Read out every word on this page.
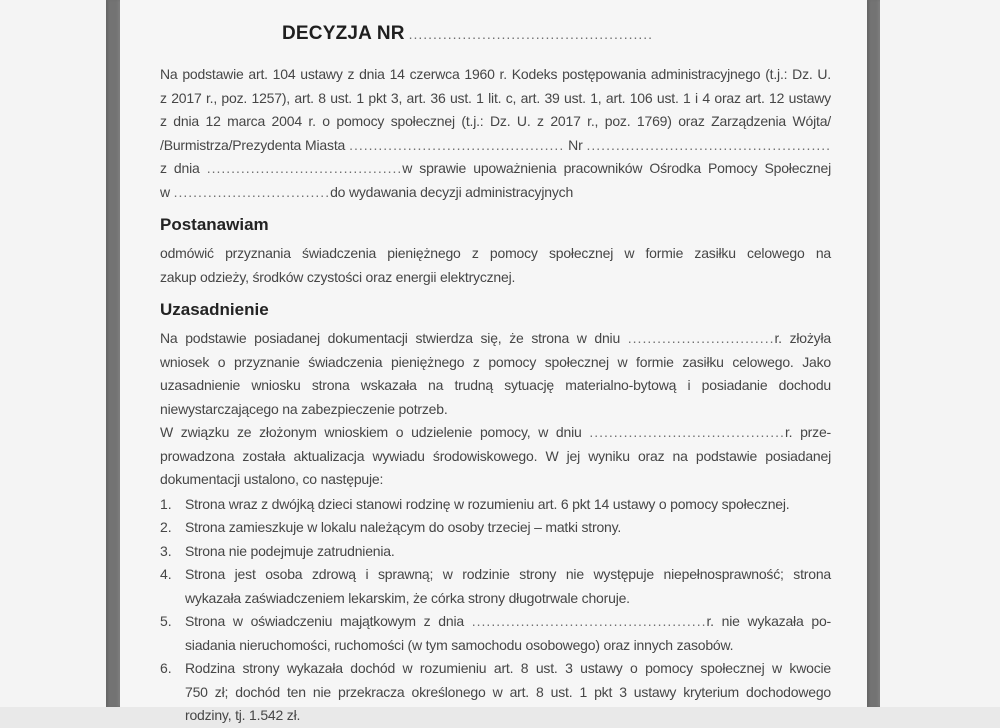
DECYZJA NR ..................................................
Na podstawie art. 104 ustawy z dnia 14 czerwca 1960 r. Kodeks postępowania administracyjnego (t.j.: Dz. U.
z 2017 r., poz. 1257), art. 8 ust. 1 pkt 3, art. 36 ust. 1 lit. c, art. 39 ust. 1, art. 106 ust. 1 i 4 oraz art. 12 ustawy
z dnia 12 marca 2004 r. o pomocy społecznej (t.j.: Dz. U. z 2017 r., poz. 1769) oraz Zarządzenia Wójta/
/Burmistrza/Prezydenta Miasta ............................................ Nr ..................................................
z dnia ........................................w sprawie upoważnienia pracowników Ośrodka Pomocy Społecznej
w ................................do wydawania decyzji administracyjnych
Postanawiam
odmówić przyznania świadczenia pieniężnego z pomocy społecznej w formie zasiłku celowego na
zakup odzieży, środków czystości oraz energii elektrycznej.
Uzasadnienie
Na podstawie posiadanej dokumentacji stwierdza się, że strona w dniu ..............................r. złożyła
wniosek o przyznanie świadczenia pieniężnego z pomocy społecznej w formie zasiłku celowego. Jako
uzasadnienie wniosku strona wskazała na trudną sytuację materialno-bytową i posiadanie dochodu
niewystarczającego na zabezpieczenie potrzeb.
W związku ze złożonym wnioskiem o udzielenie pomocy, w dniu ........................................r. prze-
prowadzona została aktualizacja wywiadu środowiskowego. W jej wyniku oraz na podstawie posiadanej
dokumentacji ustalono, co następuje:
1. Strona wraz z dwójką dzieci stanowi rodzinę w rozumieniu art. 6 pkt 14 ustawy o pomocy społecznej.
2. Strona zamieszkuje w lokalu należącym do osoby trzeciej – matki strony.
3. Strona nie podejmuje zatrudnienia.
4. Strona jest osoba zdrową i sprawną; w rodzinie strony nie występuje niepełnosprawność; strona
wykazała zaświadczeniem lekarskim, że córka strony długotrwale choruje.
5. Strona w oświadczeniu majątkowym z dnia ................................................r. nie wykazała po-
siadania nieruchomości, ruchomości (w tym samochodu osobowego) oraz innych zasobów.
6. Rodzina strony wykazała dochód w rozumieniu art. 8 ust. 3 ustawy o pomocy społecznej w kwocie
750 zł; dochód ten nie przekracza określonego w art. 8 ust. 1 pkt 3 ustawy kryterium dochodowego
rodziny, tj. 1.542 zł.
